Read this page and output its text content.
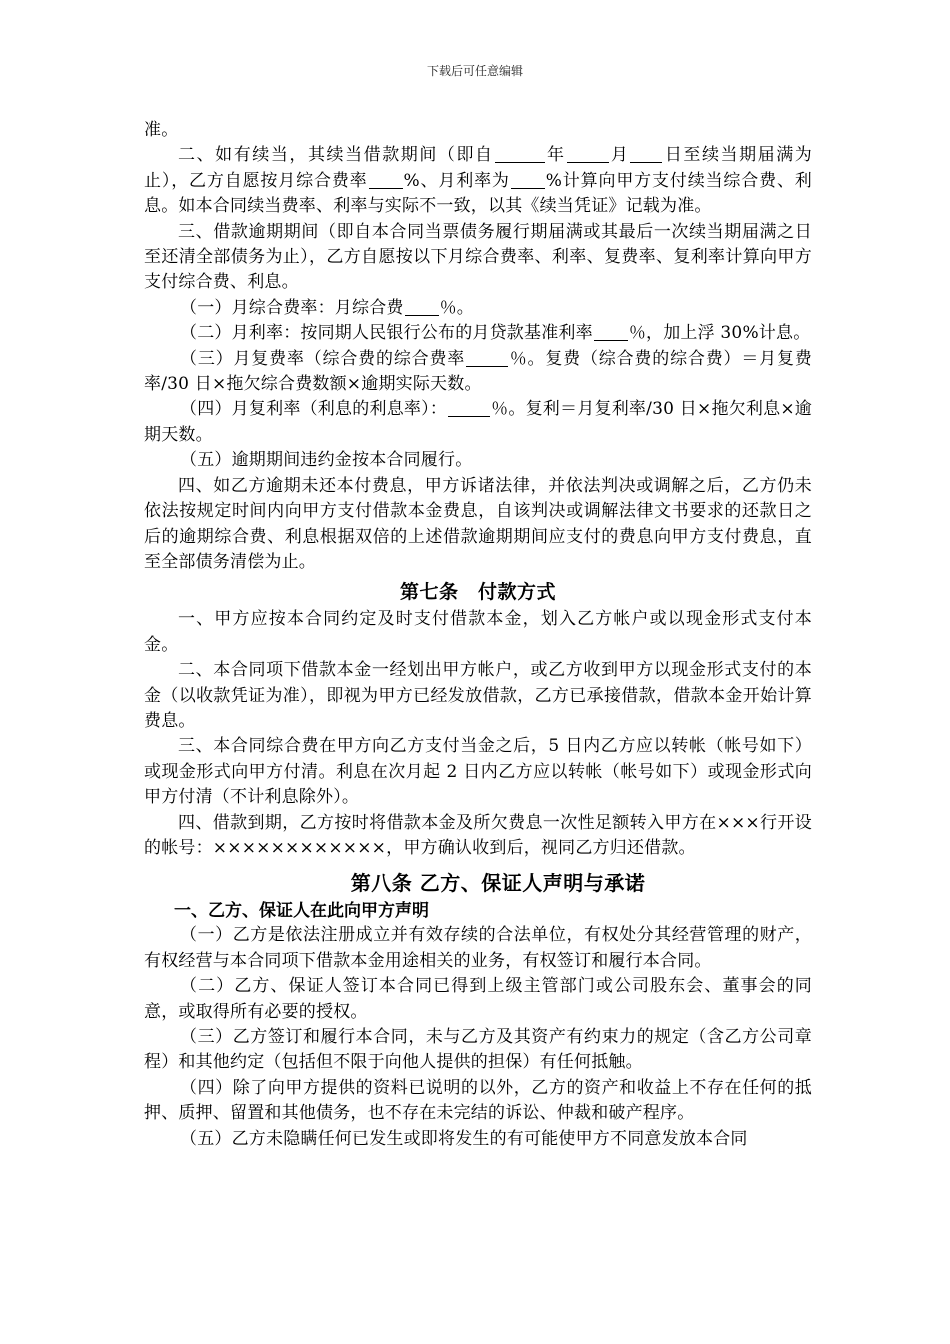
下载后可任意编辑

准。

二、如有续当，其续当借款期间（即自	年	月 日至续当期届满为止），乙方自愿按月综合费率 %、月利率为 %计算向甲方支付续当综合费、利息。如本合同续当费率、利率与实际不一致，以其《续当凭证》记载为准。

三、借款逾期期间（即自本合同当票债务履行期届满或其最后一次续当期届满之日至还清全部债务为止），乙方自愿按以下月综合费率、利率、复费率、复利率计算向甲方支付综合费、利息。

（一）月综合费率：月综合费 ％。

（二）月利率：按同期人民银行公布的月贷款基准利率 ％，加上浮 30%计息。

（三）月复费率（综合费的综合费率	％。复费（综合费的综合费）＝月复费率/30 日×拖欠综合费数额×逾期实际天数。

（四）月复利率（利息的利息率）：	％。复利＝月复利率/30 日×拖欠利息×逾期天数。

（五）逾期期间违约金按本合同履行。

四、如乙方逾期未还本付费息，甲方诉诸法律，并依法判决或调解之后，乙方仍未依法按规定时间内向甲方支付借款本金费息，自该判决或调解法律文书要求的还款日之后的逾期综合费、利息根据双倍的上述借款逾期期间应支付的费息向甲方支付费息，直至全部债务清偿为止。

第七条　付款方式

一、甲方应按本合同约定及时支付借款本金，划入乙方帐户或以现金形式支付本金。

二、本合同项下借款本金一经划出甲方帐户，或乙方收到甲方以现金形式支付的本金（以收款凭证为准），即视为甲方已经发放借款，乙方已承接借款，借款本金开始计算费息。

三、本合同综合费在甲方向乙方支付当金之后，5 日内乙方应以转帐（帐号如下）或现金形式向甲方付清。利息在次月起 2 日内乙方应以转帐（帐号如下）或现金形式向甲方付清（不计利息除外）。

四、借款到期，乙方按时将借款本金及所欠费息一次性足额转入甲方在×××行开设的帐号：××××××××××××，甲方确认收到后，视同乙方归还借款。

第八条 乙方、保证人声明与承诺
一、乙方、保证人在此向甲方声明

（一）乙方是依法注册成立并有效存续的合法单位，有权处分其经营管理的财产，有权经营与本合同项下借款本金用途相关的业务，有权签订和履行本合同。

（二）乙方、保证人签订本合同已得到上级主管部门或公司股东会、董事会的同意，或取得所有必要的授权。

（三）乙方签订和履行本合同，未与乙方及其资产有约束力的规定（含乙方公司章程）和其他约定（包括但不限于向他人提供的担保）有任何抵触。

（四）除了向甲方提供的资料已说明的以外，乙方的资产和收益上不存在任何的抵押、质押、留置和其他债务，也不存在未完结的诉讼、仲裁和破产程序。

（五）乙方未隐瞒任何已发生或即将发生的有可能使甲方不同意发放本合同
